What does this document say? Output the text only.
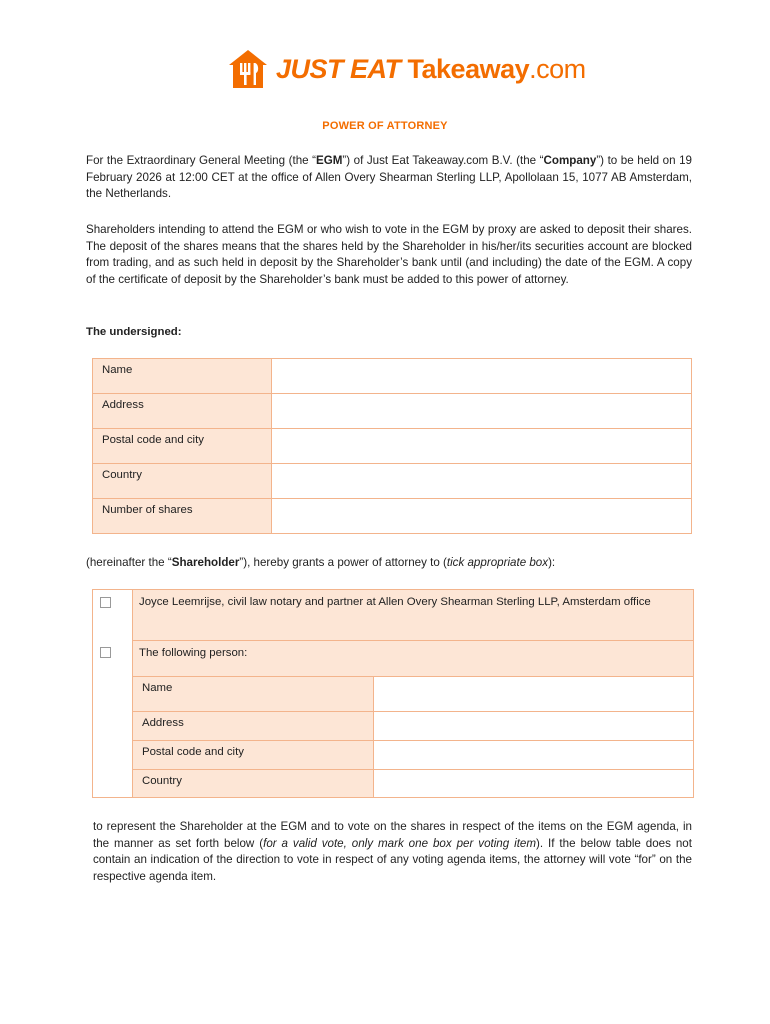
JUST EAT Takeaway.com
POWER OF ATTORNEY
For the Extraordinary General Meeting (the “EGM”) of Just Eat Takeaway.com B.V. (the “Company”) to be held on 19 February 2026 at 12:00 CET at the office of Allen Overy Shearman Sterling LLP, Apollolaan 15, 1077 AB Amsterdam, the Netherlands.
Shareholders intending to attend the EGM or who wish to vote in the EGM by proxy are asked to deposit their shares. The deposit of the shares means that the shares held by the Shareholder in his/her/its securities account are blocked from trading, and as such held in deposit by the Shareholder’s bank until (and including) the date of the EGM. A copy of the certificate of deposit by the Shareholder’s bank must be added to this power of attorney.
The undersigned:
Name
Address
Postal code and city
Country
Number of shares
(hereinafter the “Shareholder”), hereby grants a power of attorney to (tick appropriate box):
Joyce Leemrijse, civil law notary and partner at Allen Overy Shearman Sterling LLP, Amsterdam office
The following person:
Name
Address
Postal code and city
Country
to represent the Shareholder at the EGM and to vote on the shares in respect of the items on the EGM agenda, in the manner as set forth below (for a valid vote, only mark one box per voting item). If the below table does not contain an indication of the direction to vote in respect of any voting agenda items, the attorney will vote “for” on the respective agenda item.
